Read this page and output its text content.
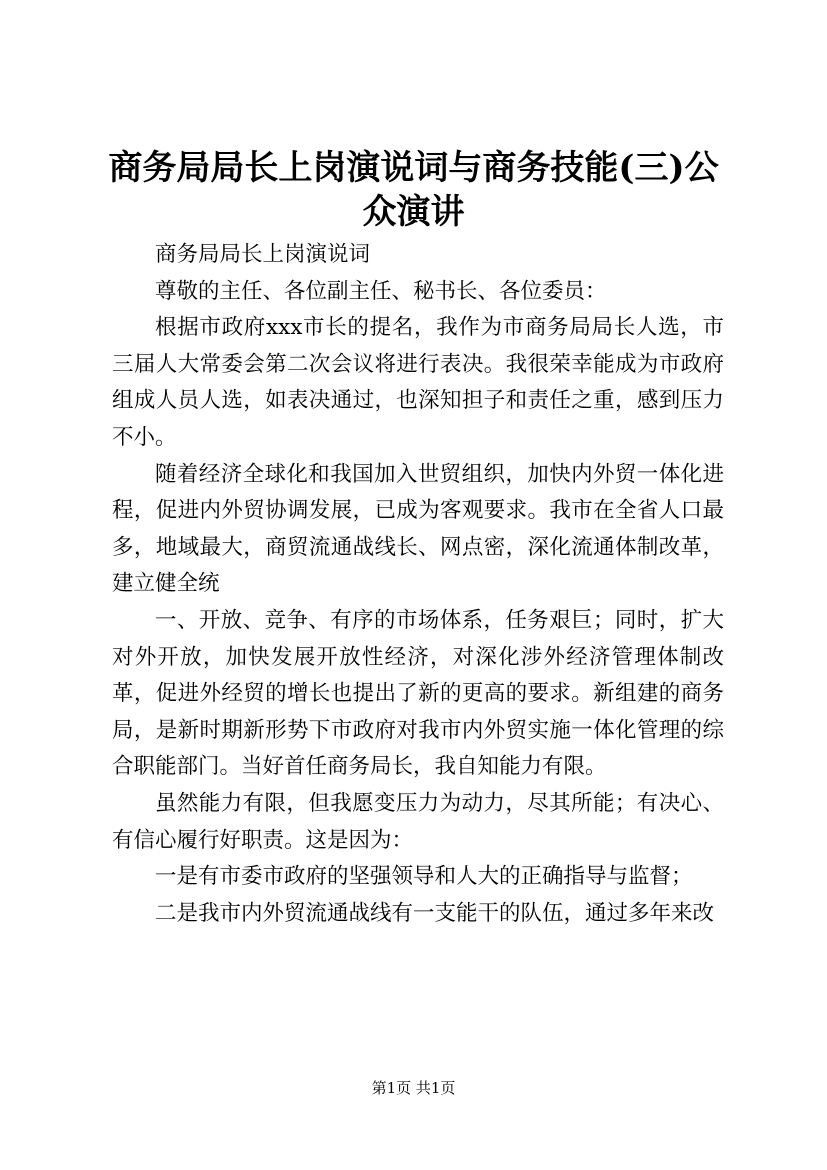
商务局局长上岗演说词与商务技能(三)公众演讲

商务局局长上岗演说词

尊敬的主任、各位副主任、秘书长、各位委员：

根据市政府xxx市长的提名，我作为市商务局局长人选，市三届人大常委会第二次会议将进行表决。我很荣幸能成为市政府组成人员人选，如表决通过，也深知担子和责任之重，感到压力不小。

随着经济全球化和我国加入世贸组织，加快内外贸一体化进程，促进内外贸协调发展，已成为客观要求。我市在全省人口最多，地域最大，商贸流通战线长、网点密，深化流通体制改革，建立健全统

一、开放、竞争、有序的市场体系，任务艰巨；同时，扩大对外开放，加快发展开放性经济，对深化涉外经济管理体制改革，促进外经贸的增长也提出了新的更高的要求。新组建的商务局，是新时期新形势下市政府对我市内外贸实施一体化管理的综合职能部门。当好首任商务局长，我自知能力有限。

虽然能力有限，但我愿变压力为动力，尽其所能；有决心、有信心履行好职责。这是因为：

一是有市委市政府的坚强领导和人大的正确指导与监督；

二是我市内外贸流通战线有一支能干的队伍，通过多年来改

第1页 共1页
